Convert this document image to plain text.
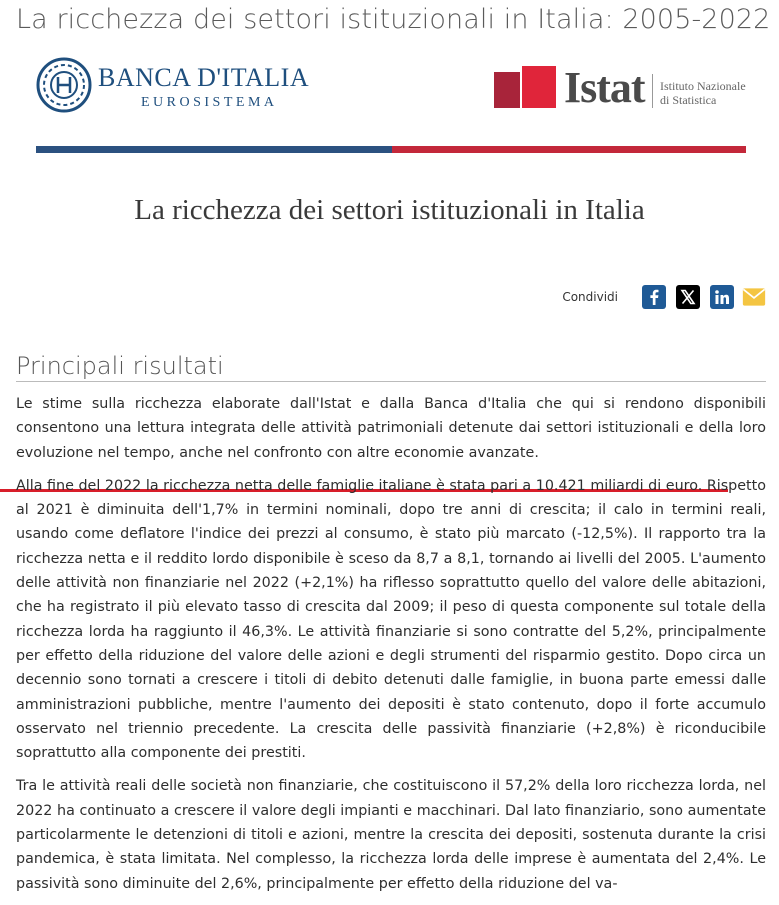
La ricchezza dei settori istituzionali in Italia: 2005-2022
BANCA D'ITALIA
EUROSISTEMA	Istat Istituto Nazionale
di Statistica
La ricchezza dei settori istituzionali in Italia
Condividi
Principali risultati

Le stime sulla ricchezza elaborate dall'Istat e dalla Banca d'Italia che qui si rendono disponibili consentono una lettura integrata delle attività patrimoniali detenute dai settori istituzionali e della loro evoluzione nel tempo, anche nel confronto con altre economie avanzate.

Alla fine del 2022 la ricchezza netta delle famiglie italiane è stata pari a 10.421 miliardi di euro. Rispetto al 2021 è diminuita dell'1,7% in termini nominali, dopo tre anni di crescita; il calo in termini reali, usando come deflatore l'indice dei prezzi al consumo, è stato più marcato (-12,5%). Il rapporto tra la ricchezza netta e il reddito lordo disponibile è sceso da 8,7 a 8,1, tornando ai livelli del 2005. L'aumento delle attività non finanziarie nel 2022 (+2,1%) ha riflesso soprattutto quello del valore delle abitazioni, che ha registrato il più elevato tasso di crescita dal 2009; il peso di questa componente sul totale della ricchezza lorda ha raggiunto il 46,3%. Le attività finanziarie si sono contratte del 5,2%, principalmente per effetto della riduzione del valore delle azioni e degli strumenti del risparmio gestito. Dopo circa un decennio sono tornati a crescere i titoli di debito detenuti dalle famiglie, in buona parte emessi dalle amministrazioni pubbliche, mentre l'aumento dei depositi è stato contenuto, dopo il forte accumulo osservato nel triennio precedente. La crescita delle passività finanziarie (+2,8%) è riconducibile soprattutto alla componente dei prestiti.

Tra le attività reali delle società non finanziarie, che costituiscono il 57,2% della loro ricchezza lorda, nel 2022 ha continuato a crescere il valore degli impianti e macchinari. Dal lato finanziario, sono aumentate particolarmente le detenzioni di titoli e azioni, mentre la crescita dei depositi, sostenuta durante la crisi pandemica, è stata limitata. Nel complesso, la ricchezza lorda delle imprese è aumentata del 2,4%. Le passività sono diminuite del 2,6%, principalmente per effetto della riduzione del va-
